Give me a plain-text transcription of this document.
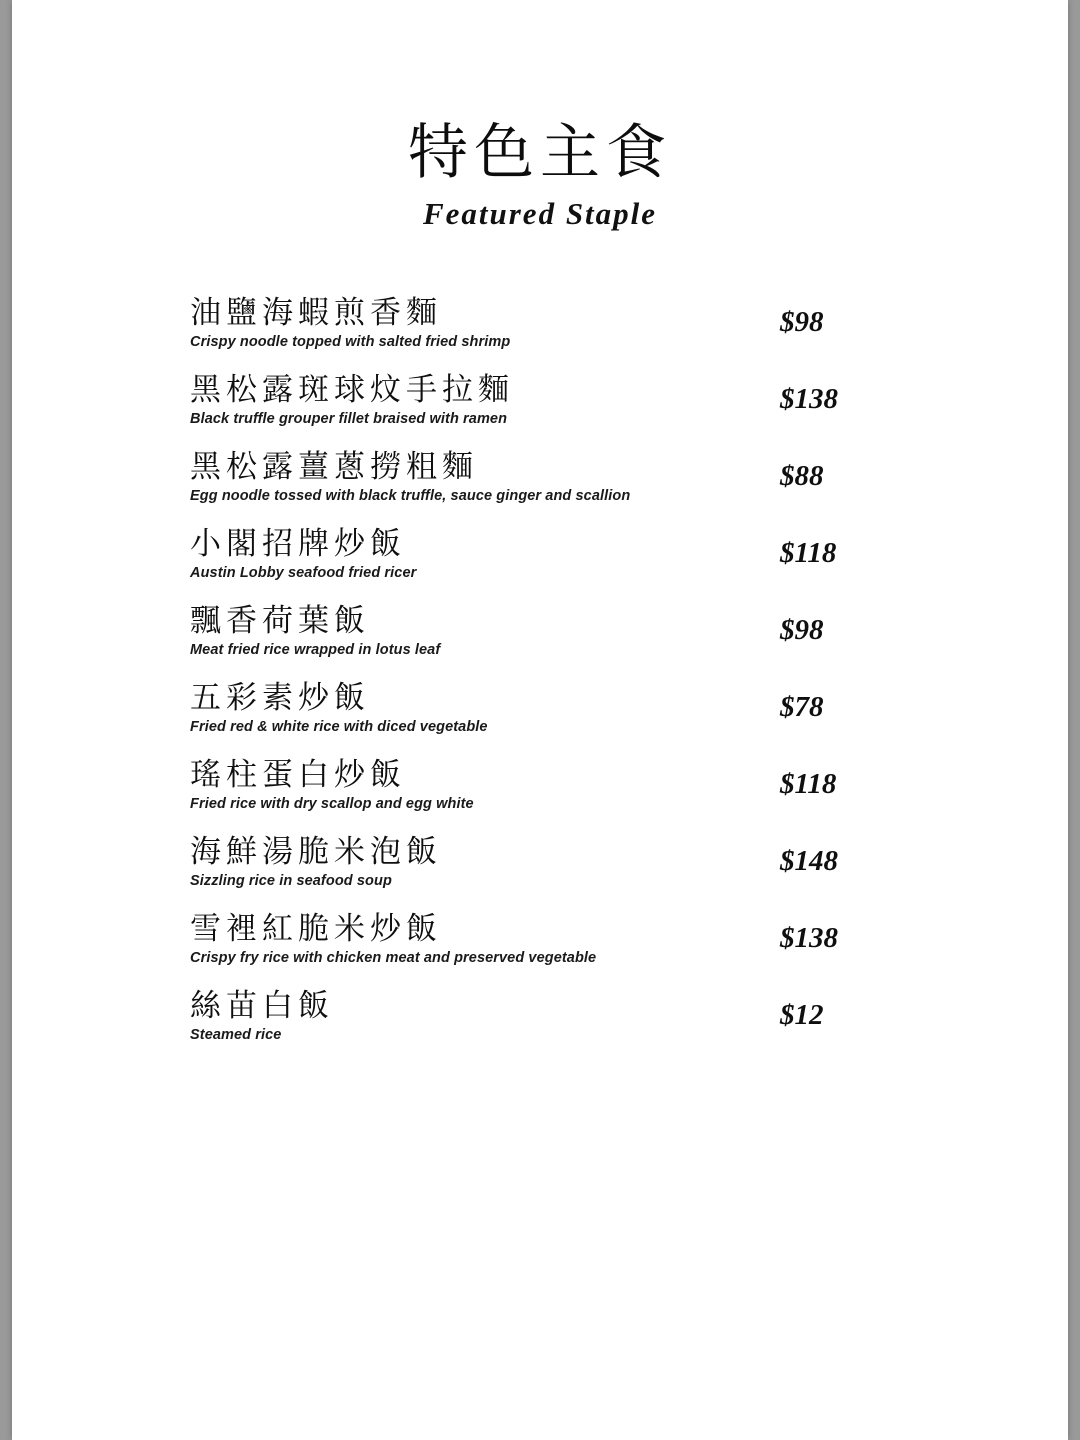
特色主食
Featured Staple
油鹽海蝦煎香麵	$98
Crispy noodle topped with salted fried shrimp
黑松露斑球炆手拉麵	$138
Black truffle grouper fillet braised with ramen
黑松露薑蔥撈粗麵	$88
Egg noodle tossed with black truffle, sauce ginger and scallion
小閣招牌炒飯	$118
Austin Lobby seafood fried ricer
飄香荷葉飯	$98
Meat fried rice wrapped in lotus leaf
五彩素炒飯	$78
Fried red & white rice with diced vegetable
瑤柱蛋白炒飯	$118
Fried rice with dry scallop and egg white
海鮮湯脆米泡飯	$148
Sizzling rice in seafood soup
雪裡紅脆米炒飯	$138
Crispy fry rice with chicken meat and preserved vegetable
絲苗白飯	$12
Steamed rice
